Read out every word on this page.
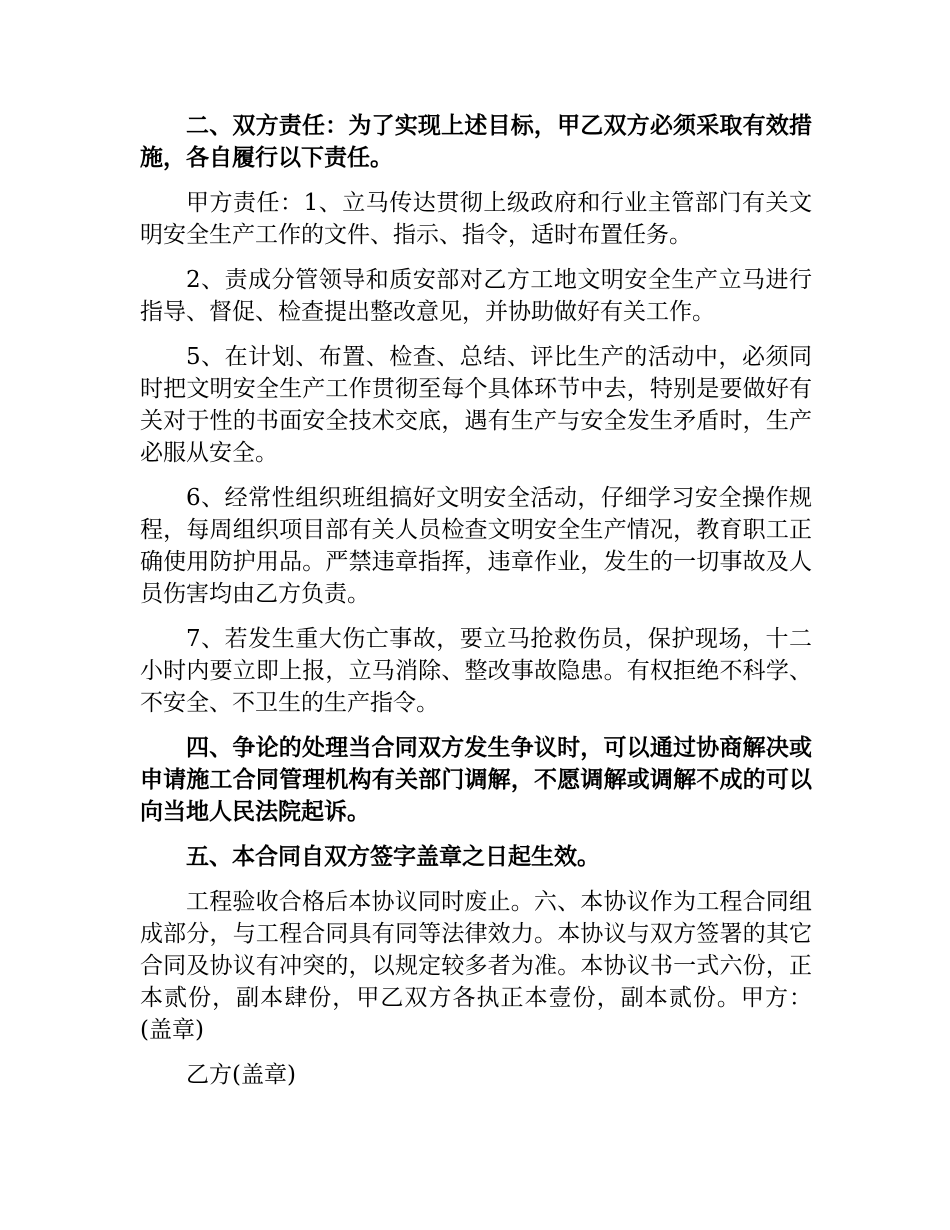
二、双方责任：为了实现上述目标，甲乙双方必须采取有效措施，各自履行以下责任。

甲方责任：1、立马传达贯彻上级政府和行业主管部门有关文明安全生产工作的文件、指示、指令，适时布置任务。

2、责成分管领导和质安部对乙方工地文明安全生产立马进行指导、督促、检查提出整改意见，并协助做好有关工作。

5、在计划、布置、检查、总结、评比生产的活动中，必须同时把文明安全生产工作贯彻至每个具体环节中去，特别是要做好有关对于性的书面安全技术交底，遇有生产与安全发生矛盾时，生产必服从安全。

6、经常性组织班组搞好文明安全活动，仔细学习安全操作规程，每周组织项目部有关人员检查文明安全生产情况，教育职工正确使用防护用品。严禁违章指挥，违章作业，发生的一切事故及人员伤害均由乙方负责。

7、若发生重大伤亡事故，要立马抢救伤员，保护现场，十二小时内要立即上报，立马消除、整改事故隐患。有权拒绝不科学、不安全、不卫生的生产指令。

四、争论的处理当合同双方发生争议时，可以通过协商解决或申请施工合同管理机构有关部门调解，不愿调解或调解不成的可以向当地人民法院起诉。

五、本合同自双方签字盖章之日起生效。

工程验收合格后本协议同时废止。六、本协议作为工程合同组成部分，与工程合同具有同等法律效力。本协议与双方签署的其它合同及协议有冲突的，以规定较多者为准。本协议书一式六份，正本贰份，副本肆份，甲乙双方各执正本壹份，副本贰份。甲方：(盖章)

乙方(盖章)
